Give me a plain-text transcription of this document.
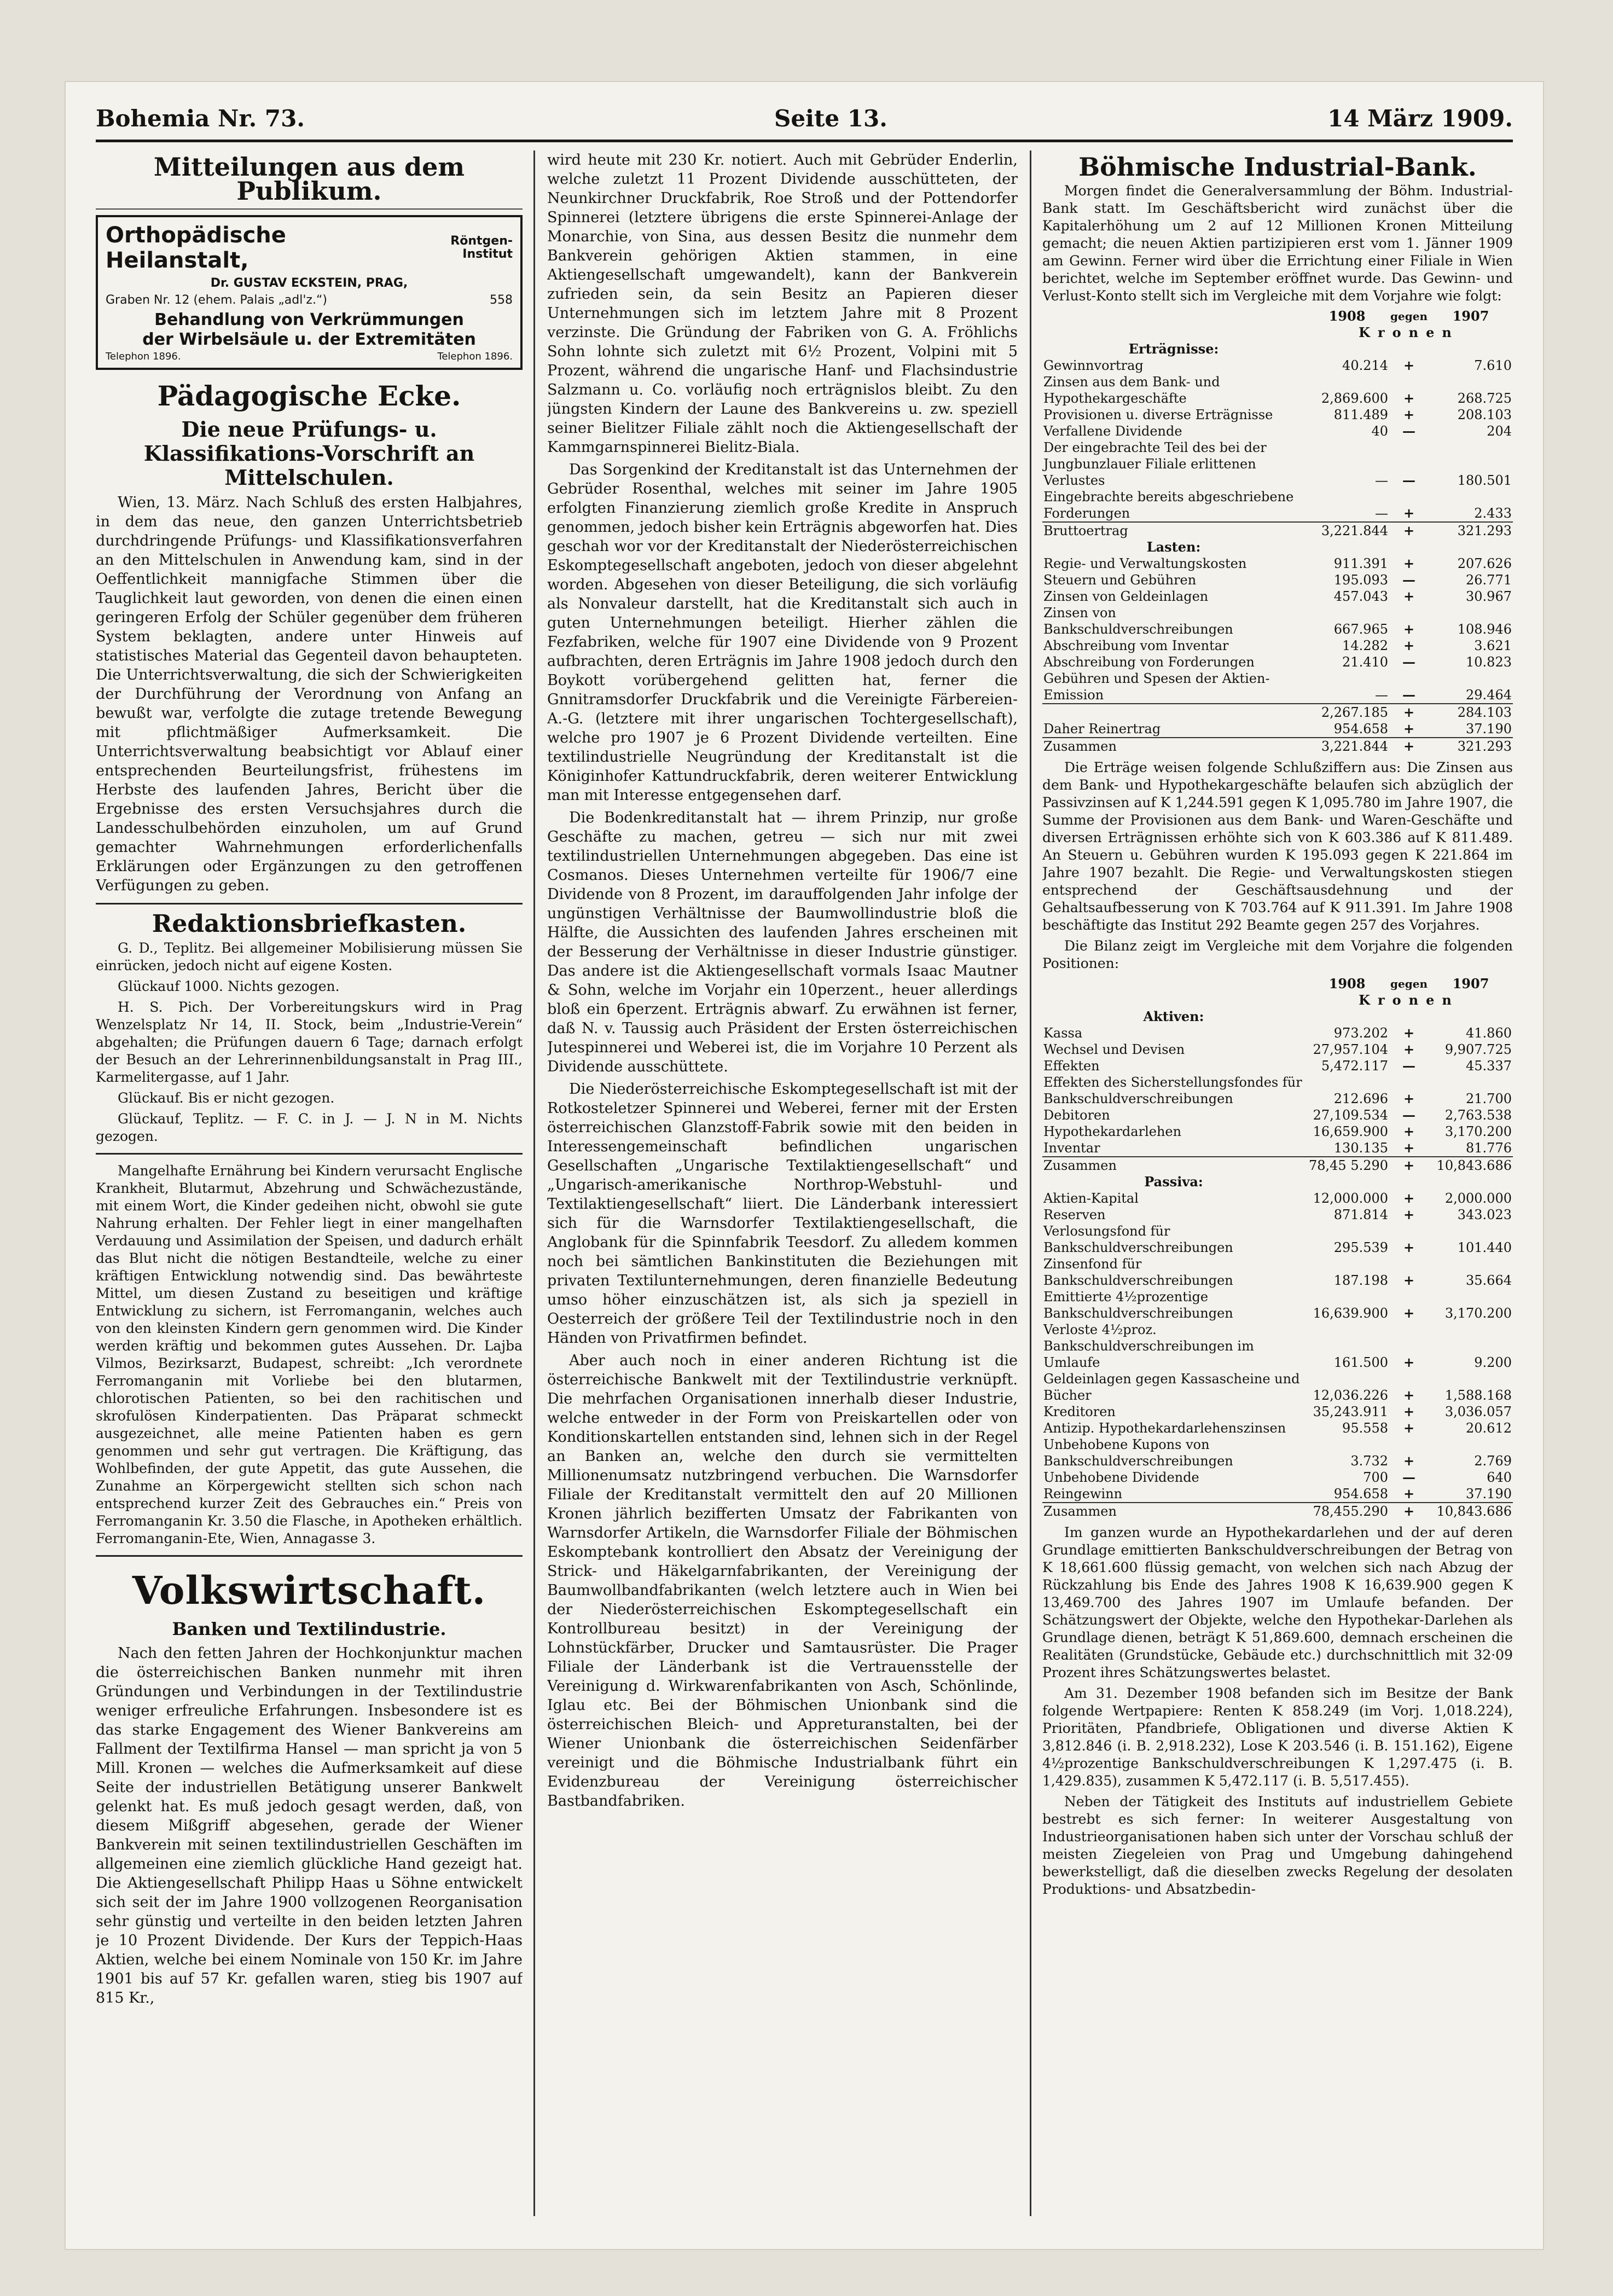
Bohemia Nr. 73.	Seite 13.	14 März 1909.
Mitteilungen aus dem Publikum.
Orthopädische Heilanstalt,
Röntgen-Institut
Dr. GUSTAV ECKSTEIN, PRAG,
Graben Nr. 12 (ehem. Palais „adl'z.“)	558
Behandlung von Verkrümmungen
der Wirbelsäule u. der Extremitäten
Telephon 1896.	Telephon 1896.
Pädagogische Ecke.
Die neue Prüfungs- u. Klassifikations-Vorschrift an Mittelschulen.

Wien, 13. März. Nach Schluß des ersten Halbjahres, in dem das neue, den ganzen Unterrichtsbetrieb durchdringende Prüfungs- und Klassifikationsverfahren an den Mittelschulen in Anwendung kam, sind in der Oeffentlichkeit mannigfache Stimmen über die Tauglichkeit laut geworden, von denen die einen einen geringeren Erfolg der Schüler gegenüber dem früheren System beklagten, andere unter Hinweis auf statistisches Material das Gegenteil davon behaupteten. Die Unterrichtsverwaltung, die sich der Schwierigkeiten der Durchführung der Verordnung von Anfang an bewußt war, verfolgte die zutage tretende Bewegung mit pflichtmäßiger Aufmerksamkeit. Die Unterrichtsverwaltung beabsichtigt vor Ablauf einer entsprechenden Beurteilungsfrist, frühestens im Herbste des laufenden Jahres, Bericht über die Ergebnisse des ersten Versuchsjahres durch die Landesschulbehörden einzuholen, um auf Grund gemachter Wahrnehmungen erforderlichenfalls Erklärungen oder Ergänzungen zu den getroffenen Verfügungen zu geben.

Redaktionsbriefkasten.

G. D., Teplitz. Bei allgemeiner Mobilisierung müssen Sie einrücken, jedoch nicht auf eigene Kosten.

Glückauf 1000. Nichts gezogen.

H. S. Pich. Der Vorbereitungskurs wird in Prag Wenzelsplatz Nr 14, II. Stock, beim „Industrie-Verein“ abgehalten; die Prüfungen dauern 6 Tage; darnach erfolgt der Besuch an der Lehrerinnenbildungsanstalt in Prag III., Karmelitergasse, auf 1 Jahr.

Glückauf. Bis er nicht gezogen.

Glückauf, Teplitz. — F. C. in J. — J. N in M. Nichts gezogen.

Mangelhafte Ernährung bei Kindern verursacht Englische Krankheit, Blutarmut, Abzehrung und Schwächezustände, mit einem Wort, die Kinder gedeihen nicht, obwohl sie gute Nahrung erhalten. Der Fehler liegt in einer mangelhaften Verdauung und Assimilation der Speisen, und dadurch erhält das Blut nicht die nötigen Bestandteile, welche zu einer kräftigen Entwicklung notwendig sind. Das bewährteste Mittel, um diesen Zustand zu beseitigen und kräftige Entwicklung zu sichern, ist Ferromanganin, welches auch von den kleinsten Kindern gern genommen wird. Die Kinder werden kräftig und bekommen gutes Aussehen. Dr. Lajba Vilmos, Bezirksarzt, Budapest, schreibt: „Ich verordnete Ferromanganin mit Vorliebe bei den blutarmen, chlorotischen Patienten, so bei den rachitischen und skrofulösen Kinderpatienten. Das Präparat schmeckt ausgezeichnet, alle meine Patienten haben es gern genommen und sehr gut vertragen. Die Kräftigung, das Wohlbefinden, der gute Appetit, das gute Aussehen, die Zunahme an Körpergewicht stellten sich schon nach entsprechend kurzer Zeit des Gebrauches ein.“ Preis von Ferromanganin Kr. 3.50 die Flasche, in Apotheken erhältlich. Ferromanganin-Ete, Wien, Annagasse 3.

Volkswirtschaft.
Banken und Textilindustrie.

Nach den fetten Jahren der Hochkonjunktur machen die österreichischen Banken nunmehr mit ihren Gründungen und Verbindungen in der Textilindustrie weniger erfreuliche Erfahrungen. Insbesondere ist es das starke Engagement des Wiener Bankvereins am Fallment der Textilfirma Hansel — man spricht ja von 5 Mill. Kronen — welches die Aufmerksamkeit auf diese Seite der industriellen Betätigung unserer Bankwelt gelenkt hat. Es muß jedoch gesagt werden, daß, von diesem Mißgriff abgesehen, gerade der Wiener Bankverein mit seinen textilindustriellen Geschäften im allgemeinen eine ziemlich glückliche Hand gezeigt hat. Die Aktiengesellschaft Philipp Haas u Söhne entwickelt sich seit der im Jahre 1900 vollzogenen Reorganisation sehr günstig und verteilte in den beiden letzten Jahren je 10 Prozent Dividende. Der Kurs der Teppich-Haas Aktien, welche bei einem Nominale von 150 Kr. im Jahre 1901 bis auf 57 Kr. gefallen waren, stieg bis 1907 auf 815 Kr.,

wird heute mit 230 Kr. notiert. Auch mit Gebrüder Enderlin, welche zuletzt 11 Prozent Dividende ausschütteten, der Neunkirchner Druckfabrik, Roe Stroß und der Pottendorfer Spinnerei (letztere übrigens die erste Spinnerei-Anlage der Monarchie, von Sina, aus dessen Besitz die nunmehr dem Bankverein gehörigen Aktien stammen, in eine Aktiengesellschaft umgewandelt), kann der Bankverein zufrieden sein, da sein Besitz an Papieren dieser Unternehmungen sich im letztem Jahre mit 8 Prozent verzinste. Die Gründung der Fabriken von G. A. Fröhlichs Sohn lohnte sich zuletzt mit 6½ Prozent, Volpini mit 5 Prozent, während die ungarische Hanf- und Flachsindustrie Salzmann u. Co. vorläufig noch erträgnislos bleibt. Zu den jüngsten Kindern der Laune des Bankvereins u. zw. speziell seiner Bielitzer Filiale zählt noch die Aktiengesellschaft der Kammgarnspinnerei Bielitz-Biala.

Das Sorgenkind der Kreditanstalt ist das Unternehmen der Gebrüder Rosenthal, welches mit seiner im Jahre 1905 erfolgten Finanzierung ziemlich große Kredite in Anspruch genommen, jedoch bisher kein Erträgnis abgeworfen hat. Dies geschah wor vor der Kreditanstalt der Niederösterreichischen Eskomptegesellschaft angeboten, jedoch von dieser abgelehnt worden. Abgesehen von dieser Beteiligung, die sich vorläufig als Nonvaleur darstellt, hat die Kreditanstalt sich auch in guten Unternehmungen beteiligt. Hierher zählen die Fezfabriken, welche für 1907 eine Dividende von 9 Prozent aufbrachten, deren Erträgnis im Jahre 1908 jedoch durch den Boykott vorübergehend gelitten hat, ferner die Gnnitramsdorfer Druckfabrik und die Vereinigte Färbereien-A.-G. (letztere mit ihrer ungarischen Tochtergesellschaft), welche pro 1907 je 6 Prozent Dividende verteilten. Eine textilindustrielle Neugründung der Kreditanstalt ist die Königinhofer Kattundruckfabrik, deren weiterer Entwicklung man mit Interesse entgegensehen darf.

Die Bodenkreditanstalt hat — ihrem Prinzip, nur große Geschäfte zu machen, getreu — sich nur mit zwei textilindustriellen Unternehmungen abgegeben. Das eine ist Cosmanos. Dieses Unternehmen verteilte für 1906/7 eine Dividende von 8 Prozent, im darauffolgenden Jahr infolge der ungünstigen Verhältnisse der Baumwollindustrie bloß die Hälfte, die Aussichten des laufenden Jahres erscheinen mit der Besserung der Verhältnisse in dieser Industrie günstiger. Das andere ist die Aktiengesellschaft vormals Isaac Mautner & Sohn, welche im Vorjahr ein 10perzent., heuer allerdings bloß ein 6perzent. Erträgnis abwarf. Zu erwähnen ist ferner, daß N. v. Taussig auch Präsident der Ersten österreichischen Jutespinnerei und Weberei ist, die im Vorjahre 10 Perzent als Dividende ausschüttete.

Die Niederösterreichische Eskomptegesellschaft ist mit der Rotkosteletzer Spinnerei und Weberei, ferner mit der Ersten österreichischen Glanzstoff-Fabrik sowie mit den beiden in Interessengemeinschaft befindlichen ungarischen Gesellschaften „Ungarische Textilaktiengesellschaft“ und „Ungarisch-amerikanische Northrop-Webstuhl- und Textilaktiengesellschaft“ liiert. Die Länderbank interessiert sich für die Warnsdorfer Textilaktiengesellschaft, die Anglobank für die Spinnfabrik Teesdorf. Zu alledem kommen noch bei sämtlichen Bankinstituten die Beziehungen mit privaten Textilunternehmungen, deren finanzielle Bedeutung umso höher einzuschätzen ist, als sich ja speziell in Oesterreich der größere Teil der Textilindustrie noch in den Händen von Privatfirmen befindet.

Aber auch noch in einer anderen Richtung ist die österreichische Bankwelt mit der Textilindustrie verknüpft. Die mehrfachen Organisationen innerhalb dieser Industrie, welche entweder in der Form von Preiskartellen oder von Konditionskartellen entstanden sind, lehnen sich in der Regel an Banken an, welche den durch sie vermittelten Millionenumsatz nutzbringend verbuchen. Die Warnsdorfer Filiale der Kreditanstalt vermittelt den auf 20 Millionen Kronen jährlich bezifferten Umsatz der Fabrikanten von Warnsdorfer Artikeln, die Warnsdorfer Filiale der Böhmischen Eskomptebank kontrolliert den Absatz der Vereinigung der Strick- und Häkelgarnfabrikanten, der Vereinigung der Baumwollbandfabrikanten (welch letztere auch in Wien bei der Niederösterreichischen Eskomptegesellschaft ein Kontrollbureau besitzt) in der Vereinigung der Lohnstückfärber, Drucker und Samtausrüster. Die Prager Filiale der Länderbank ist die Vertrauensstelle der Vereinigung d. Wirkwarenfabrikanten von Asch, Schönlinde, Iglau etc. Bei der Böhmischen Unionbank sind die österreichischen Bleich- und Appreturanstalten, bei der Wiener Unionbank die österreichischen Seidenfärber vereinigt und die Böhmische Industrialbank führt ein Evidenzbureau der Vereinigung österreichischer Bastbandfabriken.

Böhmische Industrial-Bank.

Morgen findet die Generalversammlung der Böhm. Industrial-Bank statt. Im Geschäftsbericht wird zunächst über die Kapitalerhöhung um 2 auf 12 Millionen Kronen Mitteilung gemacht; die neuen Aktien partizipieren erst vom 1. Jänner 1909 am Gewinn. Ferner wird über die Errichtung einer Filiale in Wien berichtet, welche im September eröffnet wurde. Das Gewinn- und Verlust-Konto stellt sich im Vergleiche mit dem Vorjahre wie folgt:

	1908	gegen	1907
	Kronen		
Erträgnisse:			
Gewinnvortrag	40.214	+	7.610
Zinsen aus dem Bank- und Hypothekargeschäfte	2,869.600	+	268.725
Provisionen u. diverse Erträgnisse	811.489	+	208.103
Verfallene Dividende	40	—	204
Der eingebrachte Teil des bei der Jungbunzlauer Filiale erlittenen Verlustes	—	—	180.501
Eingebrachte bereits abgeschriebene Forderungen	—	+	2.433
Bruttoertrag	3,221.844	+	321.293
Lasten:			
Regie- und Verwaltungskosten	911.391	+	207.626
Steuern und Gebühren	195.093	—	26.771
Zinsen von Geldeinlagen	457.043	+	30.967
Zinsen von Bankschuldverschreibungen	667.965	+	108.946
Abschreibung vom Inventar	14.282	+	3.621
Abschreibung von Forderungen	21.410	—	10.823
Gebühren und Spesen der Aktien-Emission	—	—	29.464
	2,267.185	+	284.103
Daher Reinertrag	954.658	+	37.190
Zusammen	3,221.844	+	321.293

Die Erträge weisen folgende Schlußziffern aus: Die Zinsen aus dem Bank- und Hypothekargeschäfte belaufen sich abzüglich der Passivzinsen auf K 1,244.591 gegen K 1,095.780 im Jahre 1907, die Summe der Provisionen aus dem Bank- und Waren-Geschäfte und diversen Erträgnissen erhöhte sich von K 603.386 auf K 811.489. An Steuern u. Gebühren wurden K 195.093 gegen K 221.864 im Jahre 1907 bezahlt. Die Regie- und Verwaltungskosten stiegen entsprechend der Geschäftsausdehnung und der Gehaltsaufbesserung von K 703.764 auf K 911.391. Im Jahre 1908 beschäftigte das Institut 292 Beamte gegen 257 des Vorjahres.

Die Bilanz zeigt im Vergleiche mit dem Vorjahre die folgenden Positionen:

	1908	gegen	1907
	Kronen		
Aktiven:			
Kassa	973.202	+	41.860
Wechsel und Devisen	27,957.104	+	9,907.725
Effekten	5,472.117	—	45.337
Effekten des Sicherstellungsfondes für Bankschuldverschreibungen	212.696	+	21.700
Debitoren	27,109.534	—	2,763.538
Hypothekardarlehen	16,659.900	+	3,170.200
Inventar	130.135	+	81.776
Zusammen	78,45 5.290	+	10,843.686
Passiva:			
Aktien-Kapital	12,000.000	+	2,000.000
Reserven	871.814	+	343.023
Verlosungsfond für Bankschuldverschreibungen	295.539	+	101.440
Zinsenfond für Bankschuldverschreibungen	187.198	+	35.664
Emittierte 4½prozentige Bankschuldverschreibungen	16,639.900	+	3,170.200
Verloste 4½proz. Bankschuldverschreibungen im Umlaufe	161.500	+	9.200
Geldeinlagen gegen Kassascheine und Bücher	12,036.226	+	1,588.168
Kreditoren	35,243.911	+	3,036.057
Antizip. Hypothekardarlehenszinsen	95.558	+	20.612
Unbehobene Kupons von Bankschuldverschreibungen	3.732	+	2.769
Unbehobene Dividende	700	—	640
Reingewinn	954.658	+	37.190
Zusammen	78,455.290	+	10,843.686

Im ganzen wurde an Hypothekardarlehen und der auf deren Grundlage emittierten Bankschuldverschreibungen der Betrag von K 18,661.600 flüssig gemacht, von welchen sich nach Abzug der Rückzahlung bis Ende des Jahres 1908 K 16,639.900 gegen K 13,469.700 des Jahres 1907 im Umlaufe befanden. Der Schätzungswert der Objekte, welche den Hypothekar-Darlehen als Grundlage dienen, beträgt K 51,869.600, demnach erscheinen die Realitäten (Grundstücke, Gebäude etc.) durchschnittlich mit 32·09 Prozent ihres Schätzungswertes belastet.

Am 31. Dezember 1908 befanden sich im Besitze der Bank folgende Wertpapiere: Renten K 858.249 (im Vorj. 1,018.224), Prioritäten, Pfandbriefe, Obligationen und diverse Aktien K 3,812.846 (i. B. 2,918.232), Lose K 203.546 (i. B. 151.162), Eigene 4½prozentige Bankschuldverschreibungen K 1,297.475 (i. B. 1,429.835), zusammen K 5,472.117 (i. B. 5,517.455).

Neben der Tätigkeit des Instituts auf industriellem Gebiete bestrebt es sich ferner: In weiterer Ausgestaltung von Industrieorganisationen haben sich unter der Vorschau schluß der meisten Ziegeleien von Prag und Umgebung dahingehend bewerkstelligt, daß die dieselben zwecks Regelung der desolaten Produktions- und Absatzbedin-
